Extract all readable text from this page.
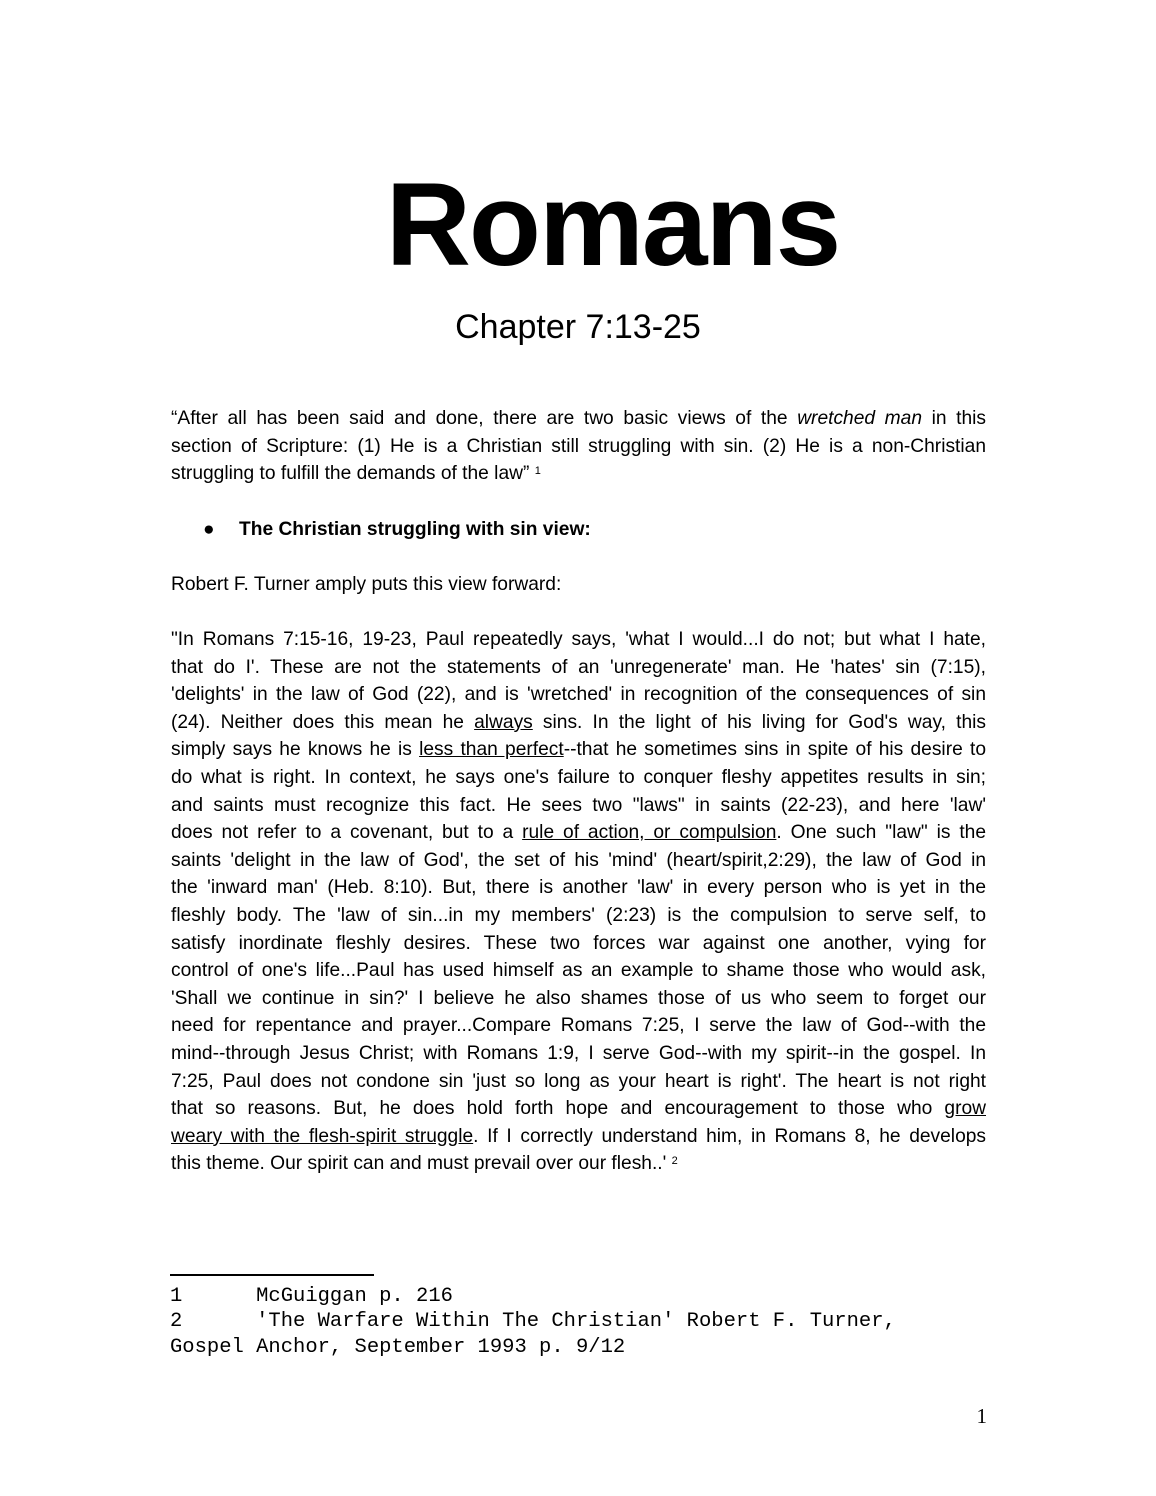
Romans
Chapter 7:13-25
“After all has been said and done, there are two basic views of the wretched man in this
section of Scripture: (1) He is a Christian still struggling with sin. (2) He is a non-Christian
struggling to fulfill the demands of the law” $^1$
● The Christian struggling with sin view:
Robert F. Turner amply puts this view forward:
"In Romans 7:15-16, 19-23, Paul repeatedly says, 'what I would...I do not; but what I hate,
that do I'. These are not the statements of an 'unregenerate' man. He 'hates' sin (7:15),
'delights' in the law of God (22), and is 'wretched' in recognition of the consequences of sin
(24). Neither does this mean he always sins. In the light of his living for God's way, this
simply says he knows he is less than perfect--that he sometimes sins in spite of his desire to
do what is right. In context, he says one's failure to conquer fleshy appetites results in sin;
and saints must recognize this fact. He sees two "laws" in saints (22-23), and here 'law'
does not refer to a covenant, but to a rule of action, or compulsion. One such "law" is the
saints 'delight in the law of God', the set of his 'mind' (heart/spirit,2:29), the law of God in
the 'inward man' (Heb. 8:10). But, there is another 'law' in every person who is yet in the
fleshly body. The 'law of sin...in my members' (2:23) is the compulsion to serve self, to
satisfy inordinate fleshly desires. These two forces war against one another, vying for
control of one's life...Paul has used himself as an example to shame those who would ask,
'Shall we continue in sin?' I believe he also shames those of us who seem to forget our
need for repentance and prayer...Compare Romans 7:25, I serve the law of God--with the
mind--through Jesus Christ; with Romans 1:9, I serve God--with my spirit--in the gospel. In
7:25, Paul does not condone sin 'just so long as your heart is right'. The heart is not right
that so reasons. But, he does hold forth hope and encouragement to those who grow
weary with the flesh-spirit struggle. If I correctly understand him, in Romans 8, he develops
this theme. Our spirit can and must prevail over our flesh..' $^2$
1      McGuiggan p. 216
2      'The Warfare Within The Christian' Robert F. Turner,
Gospel Anchor, September 1993 p. 9/12
1
